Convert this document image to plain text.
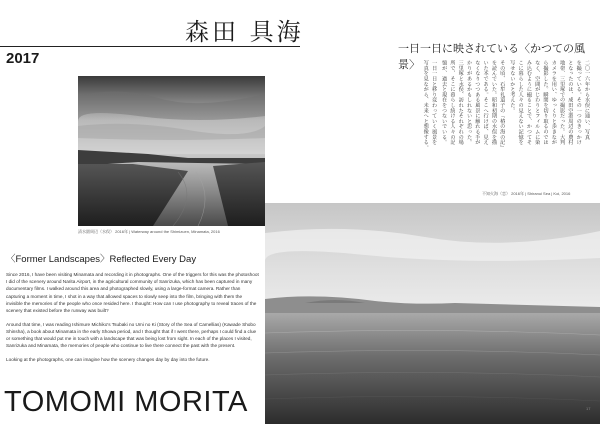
森田 具海
2017
一日一日に映されている〈かつての風景〉
清水園周辺（水俣） 2016年 | Waterway around the Shimizuen, Minamata, 2016
不知火海（恋） 2016年 | Shiranui Sea | Koi, 2016
〈Former Landscapes〉Reflected Every Day

Since 2016, I have been visiting Minamata and recording it in photographs. One of the triggers for this was the photoshoot I did of the scenery around Narita Airport, in the agricultural community of Sanrizuka, which has been captured in many documentary films. I walked around this area and photographed slowly, using a large-format camera. Rather than capturing a moment in time, I shot in a way that allowed spaces to slowly seep into the film, bringing with them the invisible the memories of the people who once resided here. I thought: How can I use photography to reveal traces of the scenery that existed before the runway was built?

Around that time, I was reading Ishimure Michiko's Tsubaki no Umi no Ki (Story of the Sea of Camellias) (Kawade Shobo Shinsha), a book about Minamata in the early Showa period, and I thought that if I went there, perhaps I could find a clue or something that would put me in touch with a landscape that was being lost from sight. In each of the places I visited, Sanrizuka and Minamata, the memories of people who continue to live there connect the past with the present.

Looking at the photographs, one can imagine how the scenery changes day by day into the future.

TOMOMI MORITA
二〇一六年から水俣に通い、写真
を撮っている。その一つのきっかけ
となったのは、成田空港周辺の農村
地帯、三里塚での撮影だった。大判
カメラを用い、ゆっくりと歩きなが
ら撮影した。瞬間を切り取るのでは
なく、空間がじわりとフィルムに染
み込むように撮ることで、かつてそ
こに暮らした人々の見えない記憶を
写せないかと考えた。
その頃、石牟礼道子の『椿の海の記』
を読んでいた。昭和初期の水俣を描
いた本である。そこへ行けば、見え
なくなりつつある風景に触れる手が
かりがあるかもしれないと思った。
三里塚と水俣、訪れたそれぞれの場
所で、そこに暮らし続ける人々の記
憶が、過去と現在をつないでいる。
一日一日と移り変わっていく風景を
写真を見ながら、未来へと想像する。
17
